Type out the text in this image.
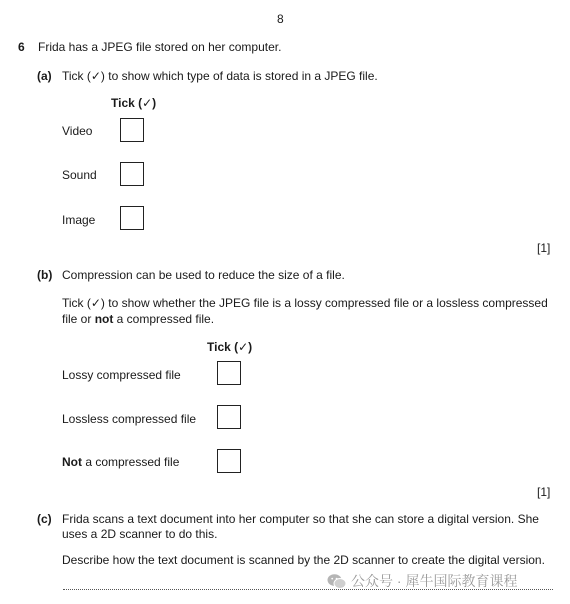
8
6 Frida has a JPEG file stored on her computer.
(a) Tick (✓) to show which type of data is stored in a JPEG file.
Tick (✓)
Video
Sound
Image
[1]
(b) Compression can be used to reduce the size of a file.
Tick (✓) to show whether the JPEG file is a lossy compressed file or a lossless compressed
file or not a compressed file.
Tick (✓)
Lossy compressed file
Lossless compressed file
Not a compressed file
[1]
(c) Frida scans a text document into her computer so that she can store a digital version. She
uses a 2D scanner to do this.
Describe how the text document is scanned by the 2D scanner to create the digital version.
公众号 · 犀牛国际教育课程
